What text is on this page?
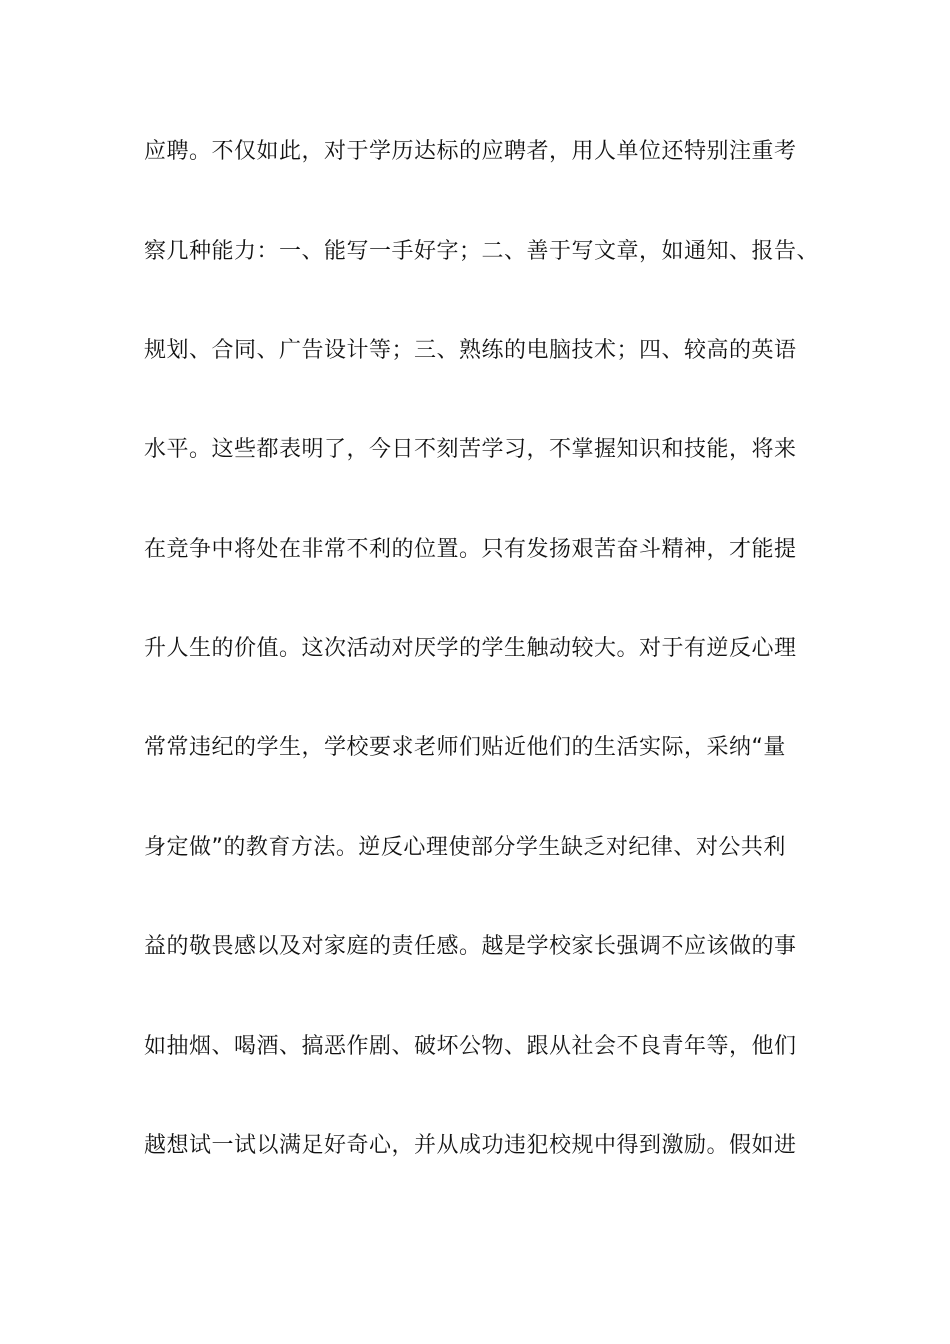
应聘。不仅如此，对于学历达标的应聘者，用人单位还特别注重考
察几种能力：一、能写一手好字；二、善于写文章，如通知、报告、
规划、合同、广告设计等；三、熟练的电脑技术；四、较高的英语
水平。这些都表明了，今日不刻苦学习，不掌握知识和技能，将来
在竞争中将处在非常不利的位置。只有发扬艰苦奋斗精神，才能提
升人生的价值。这次活动对厌学的学生触动较大。对于有逆反心理
常常违纪的学生，学校要求老师们贴近他们的生活实际，采纳“量
身定做”的教育方法。逆反心理使部分学生缺乏对纪律、对公共利
益的敬畏感以及对家庭的责任感。越是学校家长强调不应该做的事
如抽烟、喝酒、搞恶作剧、破坏公物、跟从社会不良青年等，他们
越想试一试以满足好奇心，并从成功违犯校规中得到激励。假如进
